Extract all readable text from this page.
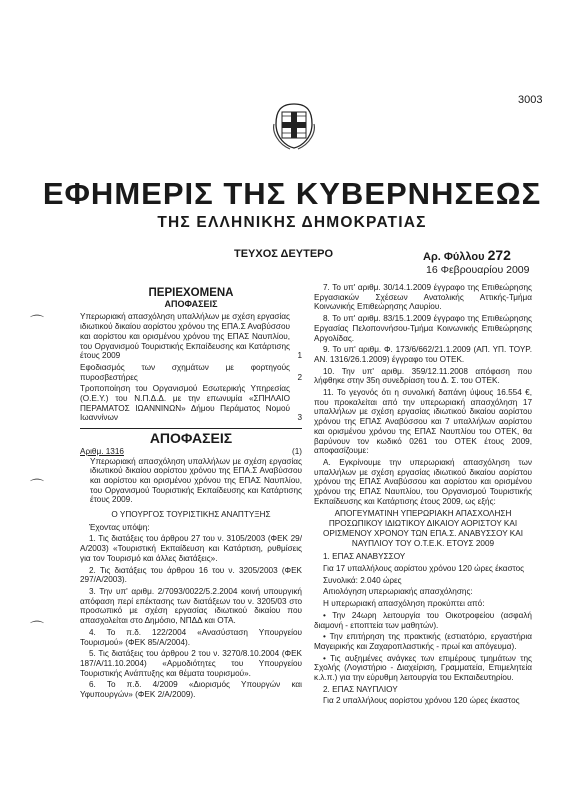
3003
ΕΦΗΜΕΡΙΣ ΤΗΣ ΚΥΒΕΡΝΗΣΕΩΣ
ΤΗΣ ΕΛΛΗΝΙΚΗΣ ΔΗΜΟΚΡΑΤΙΑΣ
ΤΕΥΧΟΣ ΔΕΥΤΕΡΟ	Αρ. Φύλλου 272
16 Φεβρουαρίου 2009
ΠΕΡΙΕΧΟΜΕΝΑ
ΑΠΟΦΑΣΕΙΣ
Υπερωριακή απασχόληση υπαλλήλων με σχέση εργασίας ιδιωτικού δικαίου αορίστου χρόνου της ΕΠΑ.Σ Αναβύσσου και αορίστου και ορισμένου χρόνου της ΕΠΑΣ Ναυπλίου, του Οργανισμού Τουριστικής Εκπαίδευσης και Κατάρτισης έτους 2009	1
Εφοδιασμός των σχημάτων με φορτηγούς πυροσβεστήρες	2
Τροποποίηση του Οργανισμού Εσωτερικής Υπηρεσίας (Ο.Ε.Υ.) του Ν.Π.Δ.Δ. με την επωνυμία «ΣΠΗΛΑΙΟ ΠΕΡΑΜΑΤΟΣ ΙΩΑΝΝΙΝΩΝ» Δήμου Περάματος Νομού Ιωαννίνων	3
ΑΠΟΦΑΣΕΙΣ
Αριθμ. 1316	(1)

Υπερωριακή απασχόληση υπαλλήλων με σχέση εργασίας ιδιωτικού δικαίου αορίστου χρόνου της ΕΠΑ.Σ Αναβύσσου και αορίστου και ορισμένου χρόνου της ΕΠΑΣ Ναυπλίου, του Οργανισμού Τουριστικής Εκπαίδευσης και Κατάρτισης έτους 2009.

Ο ΥΠΟΥΡΓΟΣ ΤΟΥΡΙΣΤΙΚΗΣ ΑΝΑΠΤΥΞΗΣ

Έχοντας υπόψη:

1. Τις διατάξεις του άρθρου 27 του ν. 3105/2003 (ΦΕΚ 29/Α/2003) «Τουριστική Εκπαίδευση και Κατάρτιση, ρυθμίσεις για τον Τουρισμό και άλλες διατάξεις».

2. Τις διατάξεις του άρθρου 16 του ν. 3205/2003 (ΦΕΚ 297/Α/2003).

3. Την υπ' αριθμ. 2/7093/0022/5.2.2004 κοινή υπουργική απόφαση περί επέκτασης των διατάξεων του ν. 3205/03 στο προσωπικό με σχέση εργασίας ιδιωτικού δικαίου που απασχολείται στο Δημόσιο, ΝΠΔΔ και ΟΤΑ.

4. Το π.δ. 122/2004 «Ανασύσταση Υπουργείου Τουρισμού» (ΦΕΚ 85/Α/2004).

5. Τις διατάξεις του άρθρου 2 του ν. 3270/8.10.2004 (ΦΕΚ 187/Α/11.10.2004) «Αρμοδιότητες του Υπουργείου Τουριστικής Ανάπτυξης και θέματα τουρισμού».

6. Το π.δ. 4/2009 «Διορισμός Υπουργών και Υφυπουργών» (ΦΕΚ 2/Α/2009).

7. Το υπ' αριθμ. 30/14.1.2009 έγγραφο της Επιθεώρησης Εργασιακών Σχέσεων Ανατολικής Αττικής-Τμήμα Κοινωνικής Επιθεώρησης Λαυρίου.

8. Το υπ' αριθμ. 83/15.1.2009 έγγραφο της Επιθεώρησης Εργασίας Πελοποννήσου-Τμήμα Κοινωνικής Επιθεώρησης Αργολίδας.

9. Το υπ' αριθμ. Φ. 173/6/662/21.1.2009 (ΑΠ. ΥΠ. ΤΟΥΡ. ΑΝ. 1316/26.1.2009) έγγραφο του ΟΤΕΚ.

10. Την υπ' αριθμ. 359/12.11.2008 απόφαση που λήφθηκε στην 35η συνεδρίαση του Δ. Σ. του ΟΤΕΚ.

11. Το γεγονός ότι η συνολική δαπάνη ύψους 16.554 €, που προκαλείται από την υπερωριακή απασχόληση 17 υπαλλήλων με σχέση εργασίας ιδιωτικού δικαίου αορίστου χρόνου της ΕΠΑΣ Αναβύσσου και 7 υπαλλήλων αορίστου και ορισμένου χρόνου της ΕΠΑΣ Ναυπλίου του ΟΤΕΚ, θα βαρύνουν τον κωδικό 0261 του ΟΤΕΚ έτους 2009, αποφασίζουμε:

Α. Εγκρίνουμε την υπερωριακή απασχόληση των υπαλλήλων με σχέση εργασίας ιδιωτικού δικαίου αορίστου χρόνου της ΕΠΑΣ Αναβύσσου και αορίστου και ορισμένου χρόνου της ΕΠΑΣ Ναυπλίου, του Οργανισμού Τουριστικής Εκπαίδευσης και Κατάρτισης έτους 2009, ως εξής:

ΑΠΟΓΕΥΜΑΤΙΝΗ ΥΠΕΡΩΡΙΑΚΗ ΑΠΑΣΧΟΛΗΣΗ ΠΡΟΣΩΠΙΚΟΥ ΙΔΙΩΤΙΚΟΥ ΔΙΚΑΙΟΥ ΑΟΡΙΣΤΟΥ ΚΑΙ ΟΡΙΣΜΕΝΟΥ ΧΡΟΝΟΥ ΤΩΝ ΕΠΑ.Σ. ΑΝΑΒΥΣΣΟΥ ΚΑΙ ΝΑΥΠΛΙΟΥ ΤΟΥ Ο.Τ.Ε.Κ. ΕΤΟΥΣ 2009

1. ΕΠΑΣ ΑΝΑΒΥΣΣΟΥ

Για 17 υπαλλήλους αορίστου χρόνου 120 ώρες έκαστος

Συνολικά: 2.040 ώρες

Αιτιολόγηση υπερωριακής απασχόλησης:

Η υπερωριακή απασχόληση προκύπτει από:

• Την 24ωρη λειτουργία του Οικοτροφείου (ασφαλή διαμονή - εποπτεία των μαθητών).

• Την επιτήρηση της πρακτικής (εστιατόριο, εργαστήρια Μαγειρικής και Ζαχαροπλαστικής - πρωί και απόγευμα).

• Τις αυξημένες ανάγκες των επιμέρους τμημάτων της Σχολής (Λογιστήριο - Διαχείριση, Γραμματεία, Επιμελητεία κ.λ.π.) για την εύρυθμη λειτουργία του Εκπαιδευτηρίου.

2. ΕΠΑΣ ΝΑΥΠΛΙΟΥ

Για 2 υπαλλήλους αορίστου χρόνου 120 ώρες έκαστος

⌒
⌒
⌒
